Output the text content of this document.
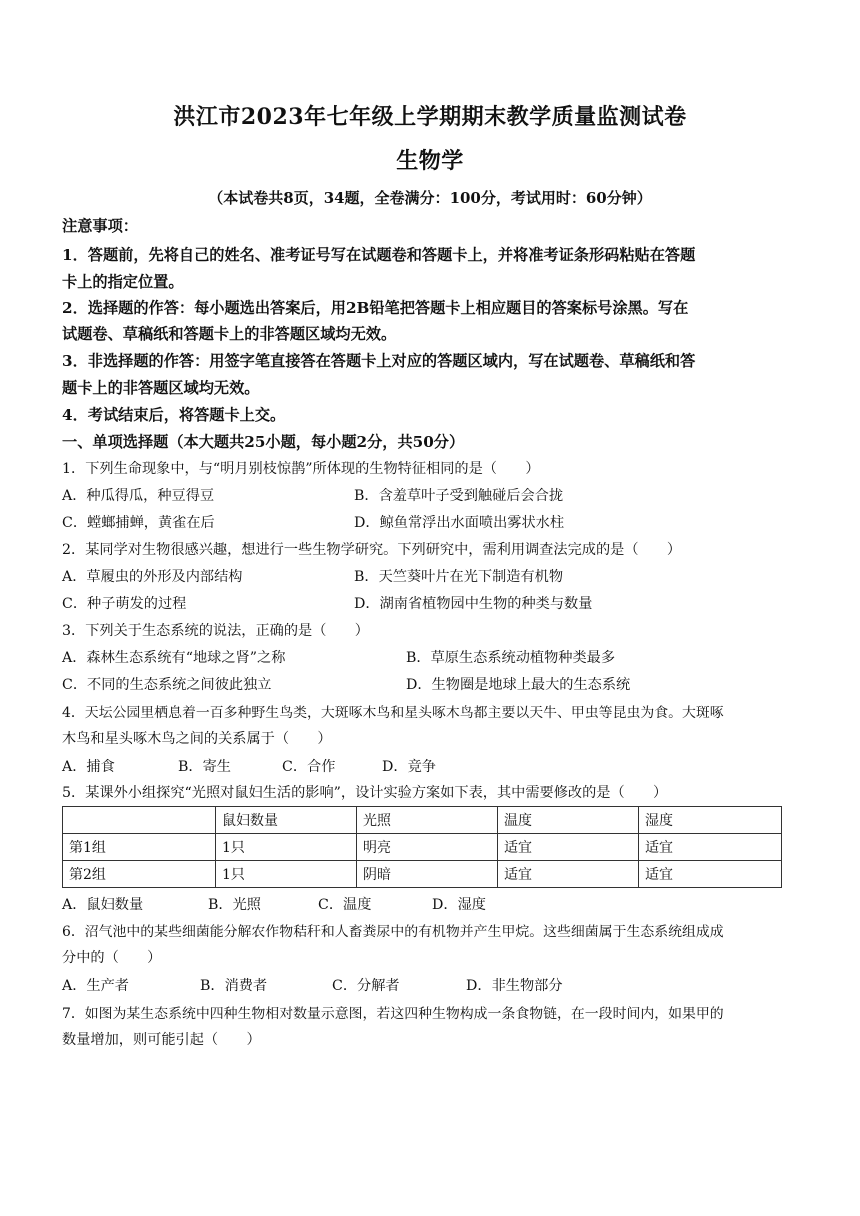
洪江市2023年七年级上学期期末教学质量监测试卷
生物学
（本试卷共8页，34题，全卷满分：100分，考试用时：60分钟）
注意事项：
1．答题前，先将自己的姓名、准考证号写在试题卷和答题卡上，并将准考证条形码粘贴在答题
卡上的指定位置。
2．选择题的作答：每小题选出答案后，用2B铅笔把答题卡上相应题目的答案标号涂黑。写在
试题卷、草稿纸和答题卡上的非答题区域均无效。
3．非选择题的作答：用签字笔直接答在答题卡上对应的答题区域内，写在试题卷、草稿纸和答
题卡上的非答题区域均无效。
4．考试结束后，将答题卡上交。
一、单项选择题（本大题共25小题，每小题2分，共50分）
1．下列生命现象中，与“明月别枝惊鹊”所体现的生物特征相同的是（　　）
A．种瓜得瓜，种豆得豆	B．含羞草叶子受到触碰后会合拢
C．螳螂捕蝉，黄雀在后	D．鲸鱼常浮出水面喷出雾状水柱
2．某同学对生物很感兴趣，想进行一些生物学研究。下列研究中，需利用调查法完成的是（　　）
A．草履虫的外形及内部结构	B．天竺葵叶片在光下制造有机物
C．种子萌发的过程	D．湖南省植物园中生物的种类与数量
3．下列关于生态系统的说法，正确的是（　　）
A．森林生态系统有“地球之肾”之称	B．草原生态系统动植物种类最多
C．不同的生态系统之间彼此独立	D．生物圈是地球上最大的生态系统
4．天坛公园里栖息着一百多种野生鸟类，大斑啄木鸟和星头啄木鸟都主要以天牛、甲虫等昆虫为食。大斑啄
木鸟和星头啄木鸟之间的关系属于（　　）
A．捕食	B．寄生	C．合作	D．竞争
5．某课外小组探究“光照对鼠妇生活的影响”，设计实验方案如下表，其中需要修改的是（　　）
	鼠妇数量	光照	温度	湿度
第1组	1只	明亮	适宜	适宜
第2组	1只	阴暗	适宜	适宜
A．鼠妇数量	B．光照	C．温度	D．湿度
6．沼气池中的某些细菌能分解农作物秸秆和人畜粪尿中的有机物并产生甲烷。这些细菌属于生态系统组成成
分中的（　　）
A．生产者	B．消费者	C．分解者	D．非生物部分
7．如图为某生态系统中四种生物相对数量示意图，若这四种生物构成一条食物链，在一段时间内，如果甲的
数量增加，则可能引起（　　）
